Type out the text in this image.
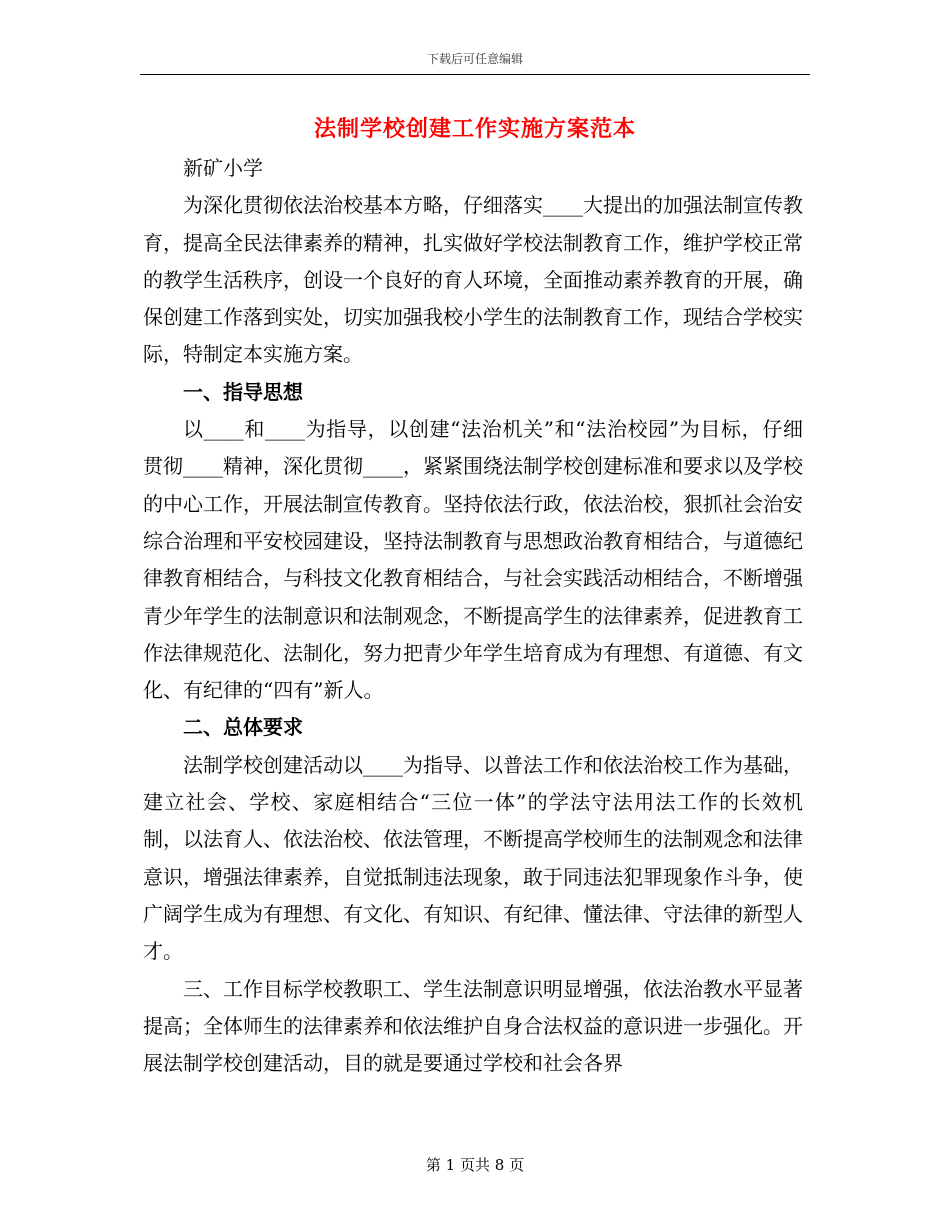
下载后可任意编辑
法制学校创建工作实施方案范本

新矿小学

为深化贯彻依法治校基本方略，仔细落实____大提出的加强法制宣传教育，提高全民法律素养的精神，扎实做好学校法制教育工作，维护学校正常的教学生活秩序，创设一个良好的育人环境，全面推动素养教育的开展，确保创建工作落到实处，切实加强我校小学生的法制教育工作，现结合学校实际，特制定本实施方案。

一、指导思想

以____和____为指导，以创建“法治机关”和“法治校园”为目标，仔细贯彻____精神，深化贯彻____，紧紧围绕法制学校创建标准和要求以及学校的中心工作，开展法制宣传教育。坚持依法行政，依法治校，狠抓社会治安综合治理和平安校园建设，坚持法制教育与思想政治教育相结合，与道德纪律教育相结合，与科技文化教育相结合，与社会实践活动相结合，不断增强青少年学生的法制意识和法制观念，不断提高学生的法律素养，促进教育工作法律规范化、法制化，努力把青少年学生培育成为有理想、有道德、有文化、有纪律的“四有”新人。

二、总体要求

法制学校创建活动以____为指导、以普法工作和依法治校工作为基础，建立社会、学校、家庭相结合“三位一体”的学法守法用法工作的长效机制，以法育人、依法治校、依法管理，不断提高学校师生的法制观念和法律意识，增强法律素养，自觉抵制违法现象，敢于同违法犯罪现象作斗争，使广阔学生成为有理想、有文化、有知识、有纪律、懂法律、守法律的新型人才。

三、工作目标学校教职工、学生法制意识明显增强，依法治教水平显著提高；全体师生的法律素养和依法维护自身合法权益的意识进一步强化。开展法制学校创建活动，目的就是要通过学校和社会各界

第 1 页共 8 页
